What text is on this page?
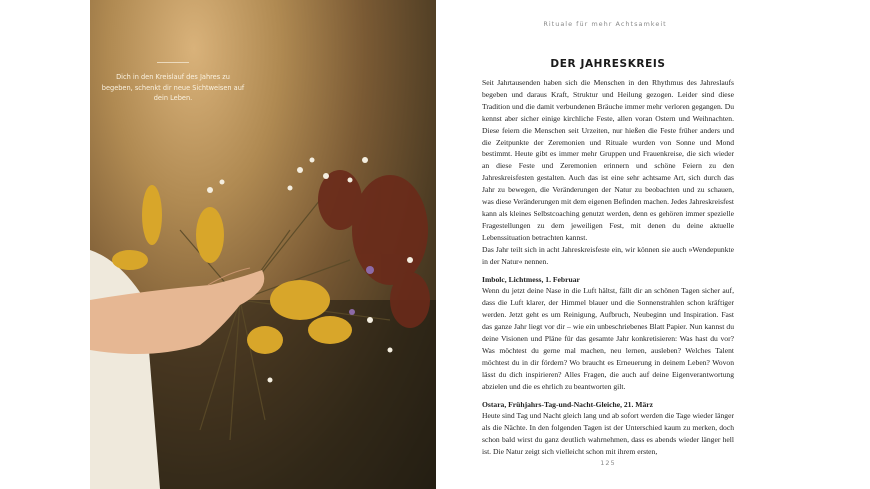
Dich in den Kreislauf des Jahres zu begeben, schenkt dir neue Sichtweisen auf dein Leben.
Rituale für mehr Achtsamkeit
DER JAHRESKREIS

Seit Jahrtausenden haben sich die Menschen in den Rhythmus des Jahreslaufs begeben und daraus Kraft, Struktur und Heilung gezogen. Leider sind diese Tradition und die damit verbundenen Bräuche immer mehr verloren gegangen. Du kennst aber sicher einige kirchliche Feste, allen voran Ostern und Weihnachten. Diese feiern die Menschen seit Urzeiten, nur hießen die Feste früher anders und die Zeitpunkte der Zeremonien und Rituale wurden von Sonne und Mond bestimmt. Heute gibt es immer mehr Gruppen und Frauenkreise, die sich wieder an diese Feste und Zeremonien erinnern und schöne Feiern zu den Jahreskreisfesten gestalten. Auch das ist eine sehr achtsame Art, sich durch das Jahr zu bewegen, die Veränderungen der Natur zu beobachten und zu schauen, was diese Veränderungen mit dem eigenen Befinden machen. Jedes Jahreskreisfest kann als kleines Selbstcoaching genutzt werden, denn es gehören immer spezielle Fragestellungen zu dem jeweiligen Fest, mit denen du deine aktuelle Lebenssituation betrachten kannst.

Das Jahr teilt sich in acht Jahreskreisfeste ein, wir können sie auch »Wendepunkte in der Natur« nennen.

Imbolc, Lichtmess, 1. Februar

Wenn du jetzt deine Nase in die Luft hältst, fällt dir an schönen Tagen sicher auf, dass die Luft klarer, der Himmel blauer und die Sonnenstrahlen schon kräftiger werden. Jetzt geht es um Reinigung, Aufbruch, Neubeginn und Inspiration. Fast das ganze Jahr liegt vor dir – wie ein unbeschriebenes Blatt Papier. Nun kannst du deine Visionen und Pläne für das gesamte Jahr konkretisieren: Was hast du vor? Was möchtest du gerne mal machen, neu lernen, ausleben? Welches Talent möchtest du in dir fördern? Wo braucht es Erneuerung in deinem Leben? Wovon lässt du dich inspirieren? Alles Fragen, die auch auf deine Eigenverantwortung abzielen und die es ehrlich zu beantworten gilt.

Ostara, Frühjahrs-Tag-und-Nacht-Gleiche, 21. März

Heute sind Tag und Nacht gleich lang und ab sofort werden die Tage wieder länger als die Nächte. In den folgenden Tagen ist der Unterschied kaum zu merken, doch schon bald wirst du ganz deutlich wahrnehmen, dass es abends wieder länger hell ist. Die Natur zeigt sich vielleicht schon mit ihrem ersten,

125
